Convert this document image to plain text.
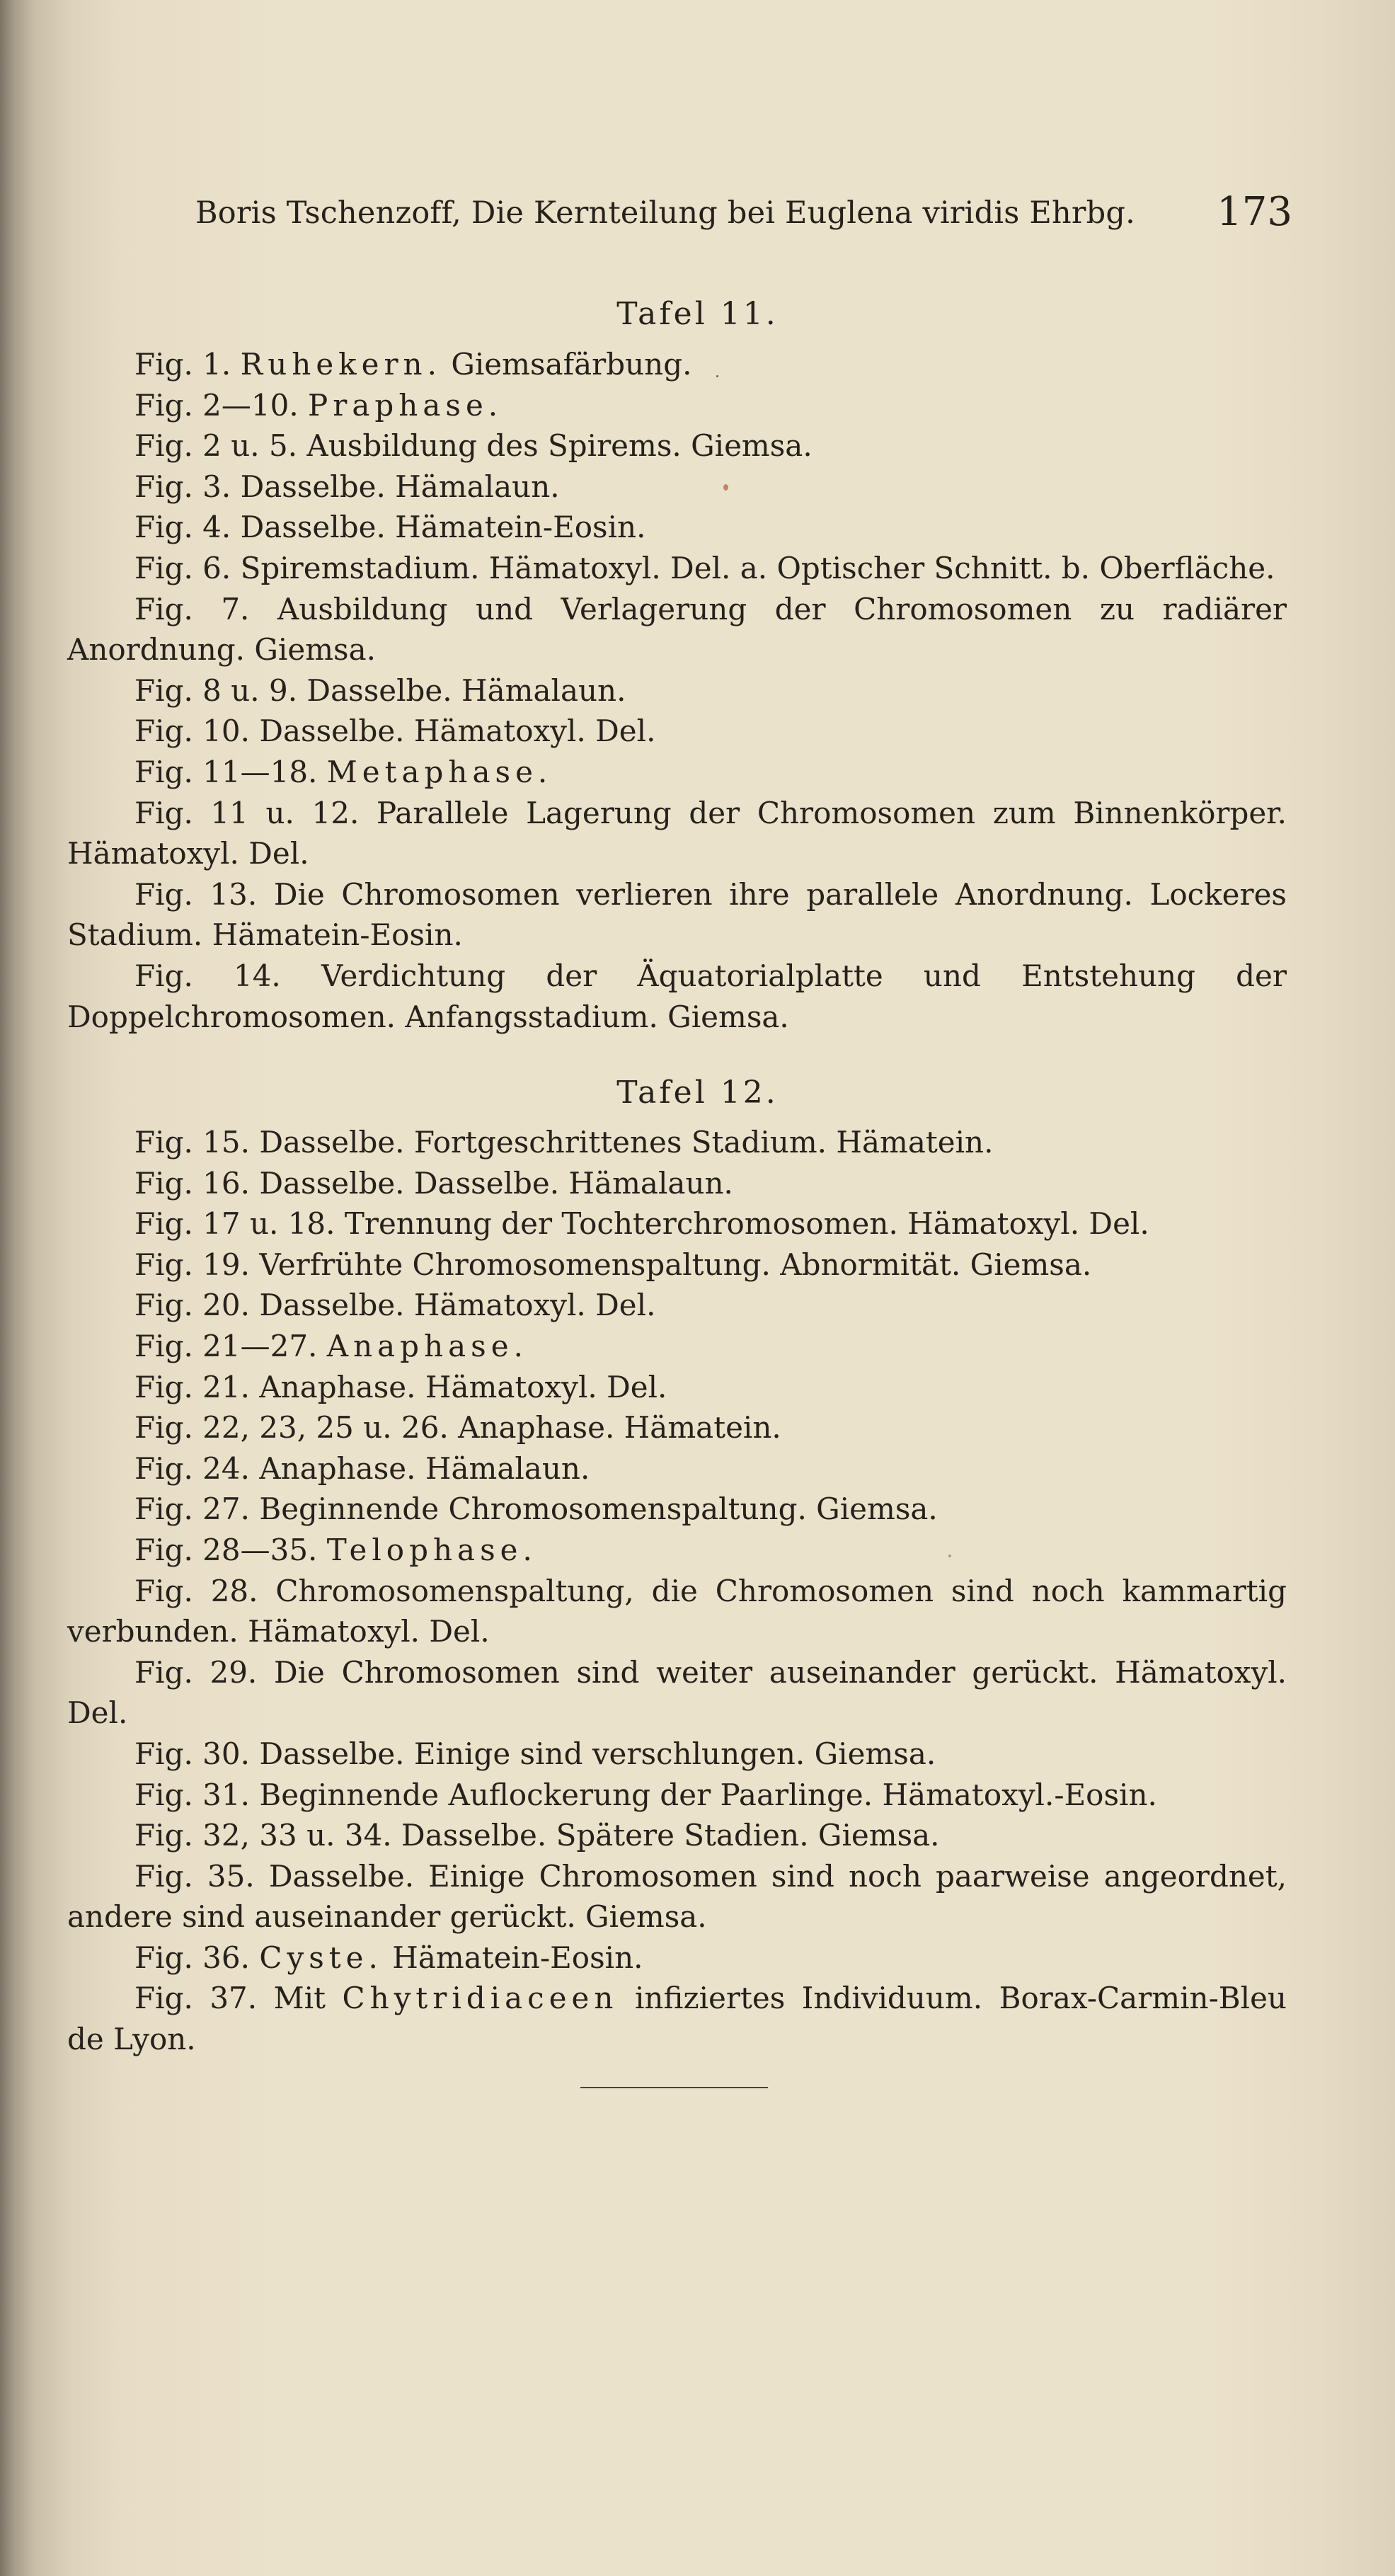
Boris Tschenzoff, Die Kernteilung bei Euglena viridis Ehrbg. 173
Tafel 11.
Fig. 1. Ruhekern. Giemsafärbung.
Fig. 2—10. Praphase.
Fig. 2 u. 5. Ausbildung des Spirems. Giemsa.
Fig. 3. Dasselbe. Hämalaun.
Fig. 4. Dasselbe. Hämatein-Eosin.
Fig. 6. Spiremstadium. Hämatoxyl. Del. a. Optischer Schnitt. b. Oberfläche.
Fig. 7. Ausbildung und Verlagerung der Chromosomen zu radiärer Anordnung. Giemsa.
Fig. 8 u. 9. Dasselbe. Hämalaun.
Fig. 10. Dasselbe. Hämatoxyl. Del.
Fig. 11—18. Metaphase.
Fig. 11 u. 12. Parallele Lagerung der Chromosomen zum Binnenkörper. Hämatoxyl. Del.
Fig. 13. Die Chromosomen verlieren ihre parallele Anordnung. Lockeres Stadium. Hämatein-Eosin.
Fig. 14. Verdichtung der Äquatorialplatte und Entstehung der Doppelchromosomen. Anfangsstadium. Giemsa.
Tafel 12.
Fig. 15. Dasselbe. Fortgeschrittenes Stadium. Hämatein.
Fig. 16. Dasselbe. Dasselbe. Hämalaun.
Fig. 17 u. 18. Trennung der Tochterchromosomen. Hämatoxyl. Del.
Fig. 19. Verfrühte Chromosomenspaltung. Abnormität. Giemsa.
Fig. 20. Dasselbe. Hämatoxyl. Del.
Fig. 21—27. Anaphase.
Fig. 21. Anaphase. Hämatoxyl. Del.
Fig. 22, 23, 25 u. 26. Anaphase. Hämatein.
Fig. 24. Anaphase. Hämalaun.
Fig. 27. Beginnende Chromosomenspaltung. Giemsa.
Fig. 28—35. Telophase.
Fig. 28. Chromosomenspaltung, die Chromosomen sind noch kammartig verbunden. Hämatoxyl. Del.
Fig. 29. Die Chromosomen sind weiter auseinander gerückt. Hämatoxyl. Del.
Fig. 30. Dasselbe. Einige sind verschlungen. Giemsa.
Fig. 31. Beginnende Auflockerung der Paarlinge. Hämatoxyl.-Eosin.
Fig. 32, 33 u. 34. Dasselbe. Spätere Stadien. Giemsa.
Fig. 35. Dasselbe. Einige Chromosomen sind noch paarweise angeordnet, andere sind auseinander gerückt. Giemsa.
Fig. 36. Cyste. Hämatein-Eosin.
Fig. 37. Mit Chytridiaceen infiziertes Individuum. Borax-Carmin-Bleu de Lyon.
